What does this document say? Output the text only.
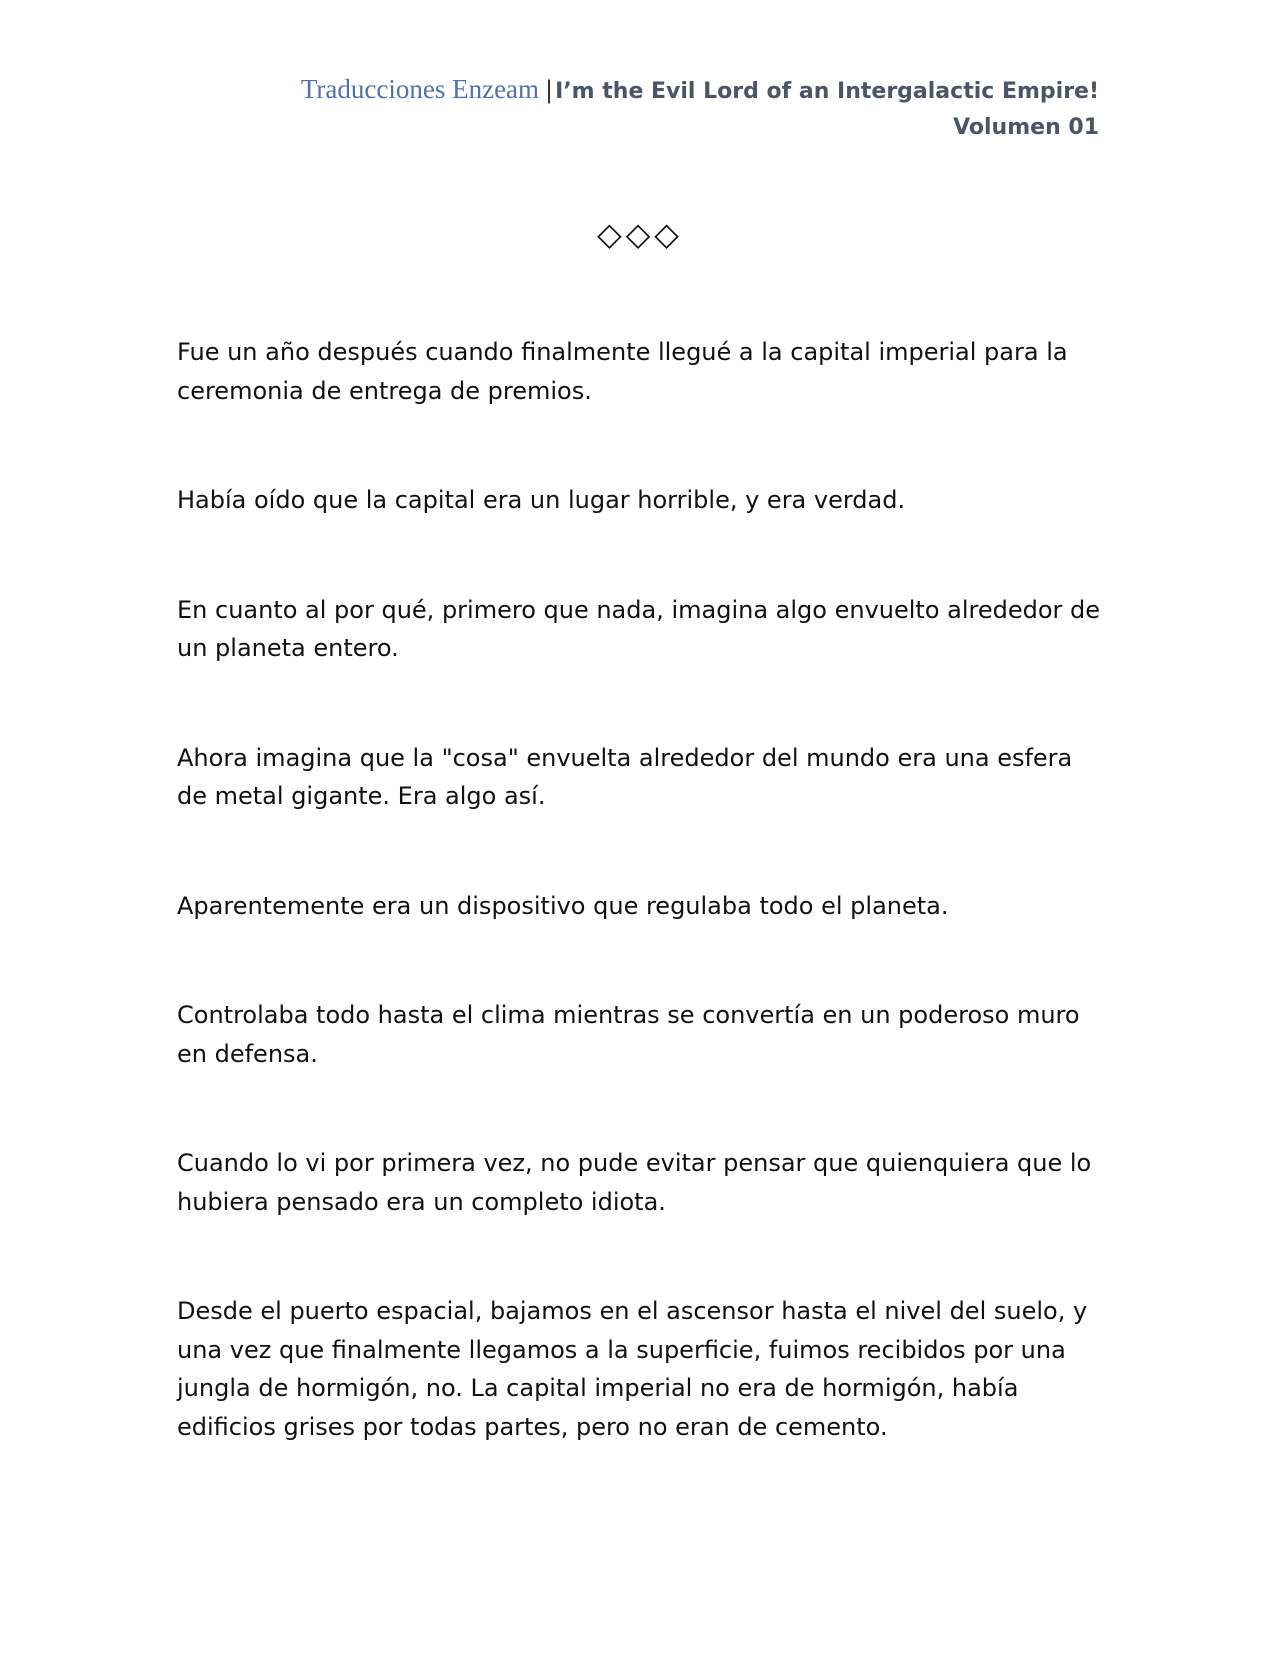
Traducciones Enzeam |I’m the Evil Lord of an Intergalactic Empire!
Volumen 01
◇◇◇

Fue un año después cuando finalmente llegué a la capital imperial para la ceremonia de entrega de premios.

Había oído que la capital era un lugar horrible, y era verdad.

En cuanto al por qué, primero que nada, imagina algo envuelto alrededor de un planeta entero.

Ahora imagina que la "cosa" envuelta alrededor del mundo era una esfera de metal gigante. Era algo así.

Aparentemente era un dispositivo que regulaba todo el planeta.

Controlaba todo hasta el clima mientras se convertía en un poderoso muro en defensa.

Cuando lo vi por primera vez, no pude evitar pensar que quienquiera que lo hubiera pensado era un completo idiota.

Desde el puerto espacial, bajamos en el ascensor hasta el nivel del suelo, y una vez que finalmente llegamos a la superficie, fuimos recibidos por una jungla de hormigón, no. La capital imperial no era de hormigón, había edificios grises por todas partes, pero no eran de cemento.
